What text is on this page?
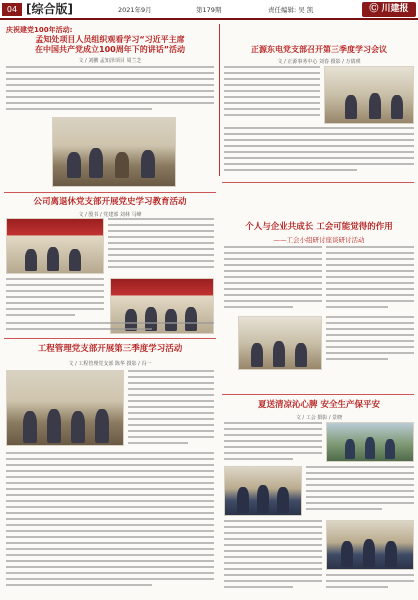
04 [综合版]	2021年9月	第179期	责任编辑: 吴 凯	Ⓒ 川建报
庆祝建党100年活动:
孟知处项目人员组织观看学习“习近平主席
在中国共产党成立100周年下的讲话”活动
文 / 刘鹏 孟知泽项目 周兰芝
正源东电党支部召开第三季度学习会议
文 / 正源事务中心 刘春 摄影 / 万倩瑛
公司离退休党支部开展党史学习教育活动
文 / 殷书 / 党建部 刘林 马峰
个人与企业共成长 工会可能觉得的作用
——工会小组研讨座谈研讨活动
工程管理党支部开展第三季度学习活动
文 / 工程管理党支部 陈华 摄影 / 冯一
夏送清凉沁心脾 安全生产保平安
文 / 工会 摄影 / 景晓
